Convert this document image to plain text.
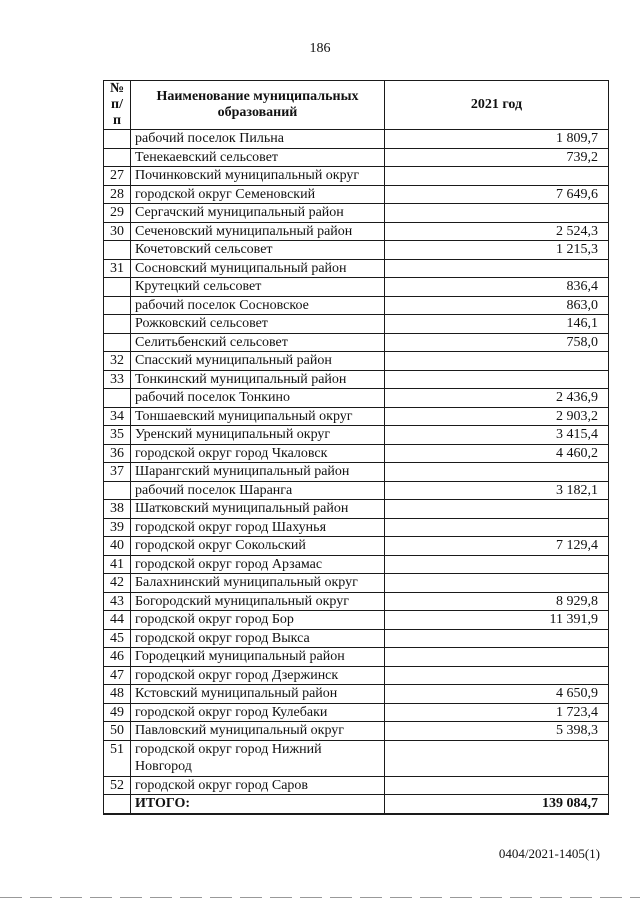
186
№ п/п	Наименование муниципальных образований	2021 год
	рабочий поселок Пильна	1 809,7
	Тенекаевский сельсовет	739,2
27	Починковский муниципальный округ	
28	городской округ Семеновский	7 649,6
29	Сергачский муниципальный район	
30	Сеченовский муниципальный район	2 524,3
	Кочетовский сельсовет	1 215,3
31	Сосновский муниципальный район	
	Крутецкий сельсовет	836,4
	рабочий поселок Сосновское	863,0
	Рожковский сельсовет	146,1
	Селитьбенский сельсовет	758,0
32	Спасский муниципальный район	
33	Тонкинский муниципальный район	
	рабочий поселок Тонкино	2 436,9
34	Тоншаевский муниципальный округ	2 903,2
35	Уренский муниципальный округ	3 415,4
36	городской округ город Чкаловск	4 460,2
37	Шарангский муниципальный район	
	рабочий поселок Шаранга	3 182,1
38	Шатковский муниципальный район	
39	городской округ город Шахунья	
40	городской округ Сокольский	7 129,4
41	городской округ город Арзамас	
42	Балахнинский муниципальный округ	
43	Богородский муниципальный округ	8 929,8
44	городской округ город Бор	11 391,9
45	городской округ город Выкса	
46	Городецкий муниципальный район	
47	городской округ город Дзержинск	
48	Кстовский муниципальный район	4 650,9
49	городской округ город Кулебаки	1 723,4
50	Павловский муниципальный округ	5 398,3
51	городской округ город Нижний Новгород	
52	городской округ город Саров	
	ИТОГО:	139 084,7
0404/2021-1405(1)
